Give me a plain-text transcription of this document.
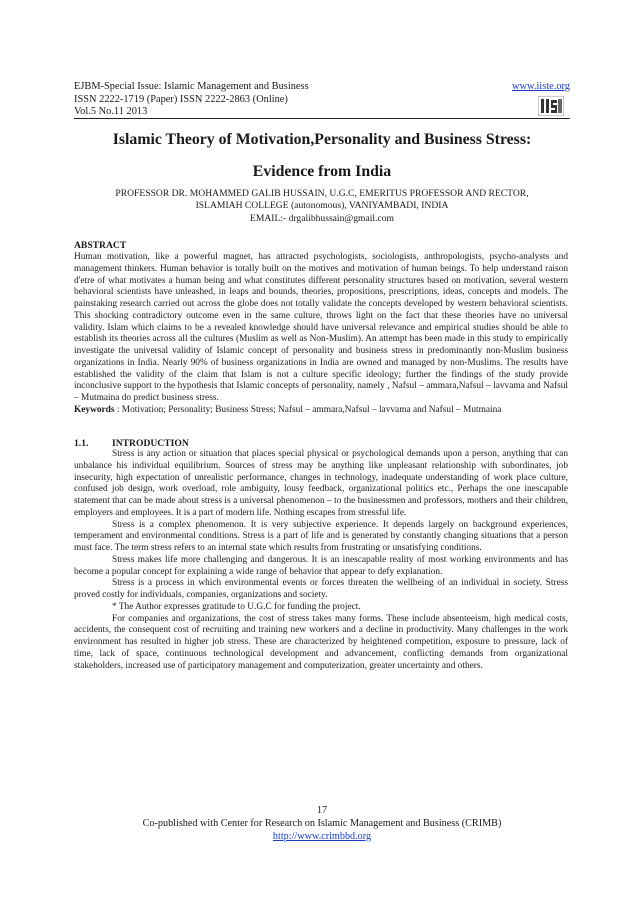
EJBM-Special Issue: Islamic Management and Business
ISSN 2222-1719 (Paper) ISSN 2222-2863 (Online)
Vol.5 No.11 2013
www.iiste.org
Islamic Theory of Motivation,Personality and Business Stress:
Evidence from India
PROFESSOR DR. MOHAMMED GALIB HUSSAIN, U.G.C, EMERITUS PROFESSOR AND RECTOR,
ISLAMIAH COLLEGE (autonomous), VANIYAMBADI, INDIA
EMAIL:- drgalibhussain@gmail.com
ABSTRACT
Human motivation, like a powerful magnet, has attracted psychologists, sociologists, anthropologists, psycho-analysts and management thinkers. Human behavior is totally built on the motives and motivation of human beings. To help understand raison d'etre of what motivates a human being and what constitutes different personality structures based on motivation, several western behavioral scientists have unleashed, in leaps and bounds, theories, propositions, prescriptions, ideas, concepts and models. The painstaking research carried out across the globe does not totally validate the concepts developed by western behavioral scientists. This shocking contradictory outcome even in the same culture, throws light on the fact that these theories have no universal validity. Islam which claims to be a revealed knowledge should have universal relevance and empirical studies should be able to establish its theories across all the cultures (Muslim as well as Non-Muslim). An attempt has been made in this study to empirically investigate the universal validity of Islamic concept of personality and business stress in predominantly non-Muslim business organizations in India. Nearly 90% of business organizations in India are owned and managed by non-Muslims. The results have established the validity of the claim that Islam is not a culture specific ideology; further the findings of the study provide inconclusive support to the hypothesis that Islamic concepts of personality, namely , Nafsul – ammara,Nafsul – lavvama and Nafsul – Mutmaina do predict business stress.
Keywords : Motivation; Personality; Business Stress; Nafsul – ammara,Nafsul – lavvama and Nafsul – Mutmaina
1.1. INTRODUCTION

Stress is any action or situation that places special physical or psychological demands upon a person, anything that can unbalance his individual equilibrium. Sources of stress may be anything like unpleasant relationship with subordinates, job insecurity, high expectation of unrealistic performance, changes in technology, inadequate understanding of work place culture, confused job design, work overload, role ambiguity, lousy feedback, organizational politics etc., Perhaps the one inescapable statement that can be made about stress is a universal phenomenon – to the businessmen and professors, mothers and their children, employers and employees. It is a part of modern life. Nothing escapes from stressful life.

Stress is a complex phenomenon. It is very subjective experience. It depends largely on background experiences, temperament and environmental conditions. Stress is a part of life and is generated by constantly changing situations that a person must face. The term stress refers to an internal state which results from frustrating or unsatisfying conditions.

Stress makes life more challenging and dangerous. It is an inescapable reality of most working environments and has become a popular concept for explaining a wide range of behavior that appear to defy explanation.

Stress is a process in which environmental events or forces threaten the wellbeing of an individual in society. Stress proved costly for individuals, companies, organizations and society.

* The Author expresses gratitude to U.G.C for funding the project.

For companies and organizations, the cost of stress takes many forms. These include absenteeism, high medical costs, accidents, the consequent cost of recruiting and training new workers and a decline in productivity. Many challenges in the work environment has resulted in higher job stress. These are characterized by heightened competition, exposure to pressure, lack of time, lack of space, continuous technological development and advancement, conflicting demands from organizational stakeholders, increased use of participatory management and computerization, greater uncertainty and others.

17
Co-published with Center for Research on Islamic Management and Business (CRIMB)
http://www.crimbbd.org
